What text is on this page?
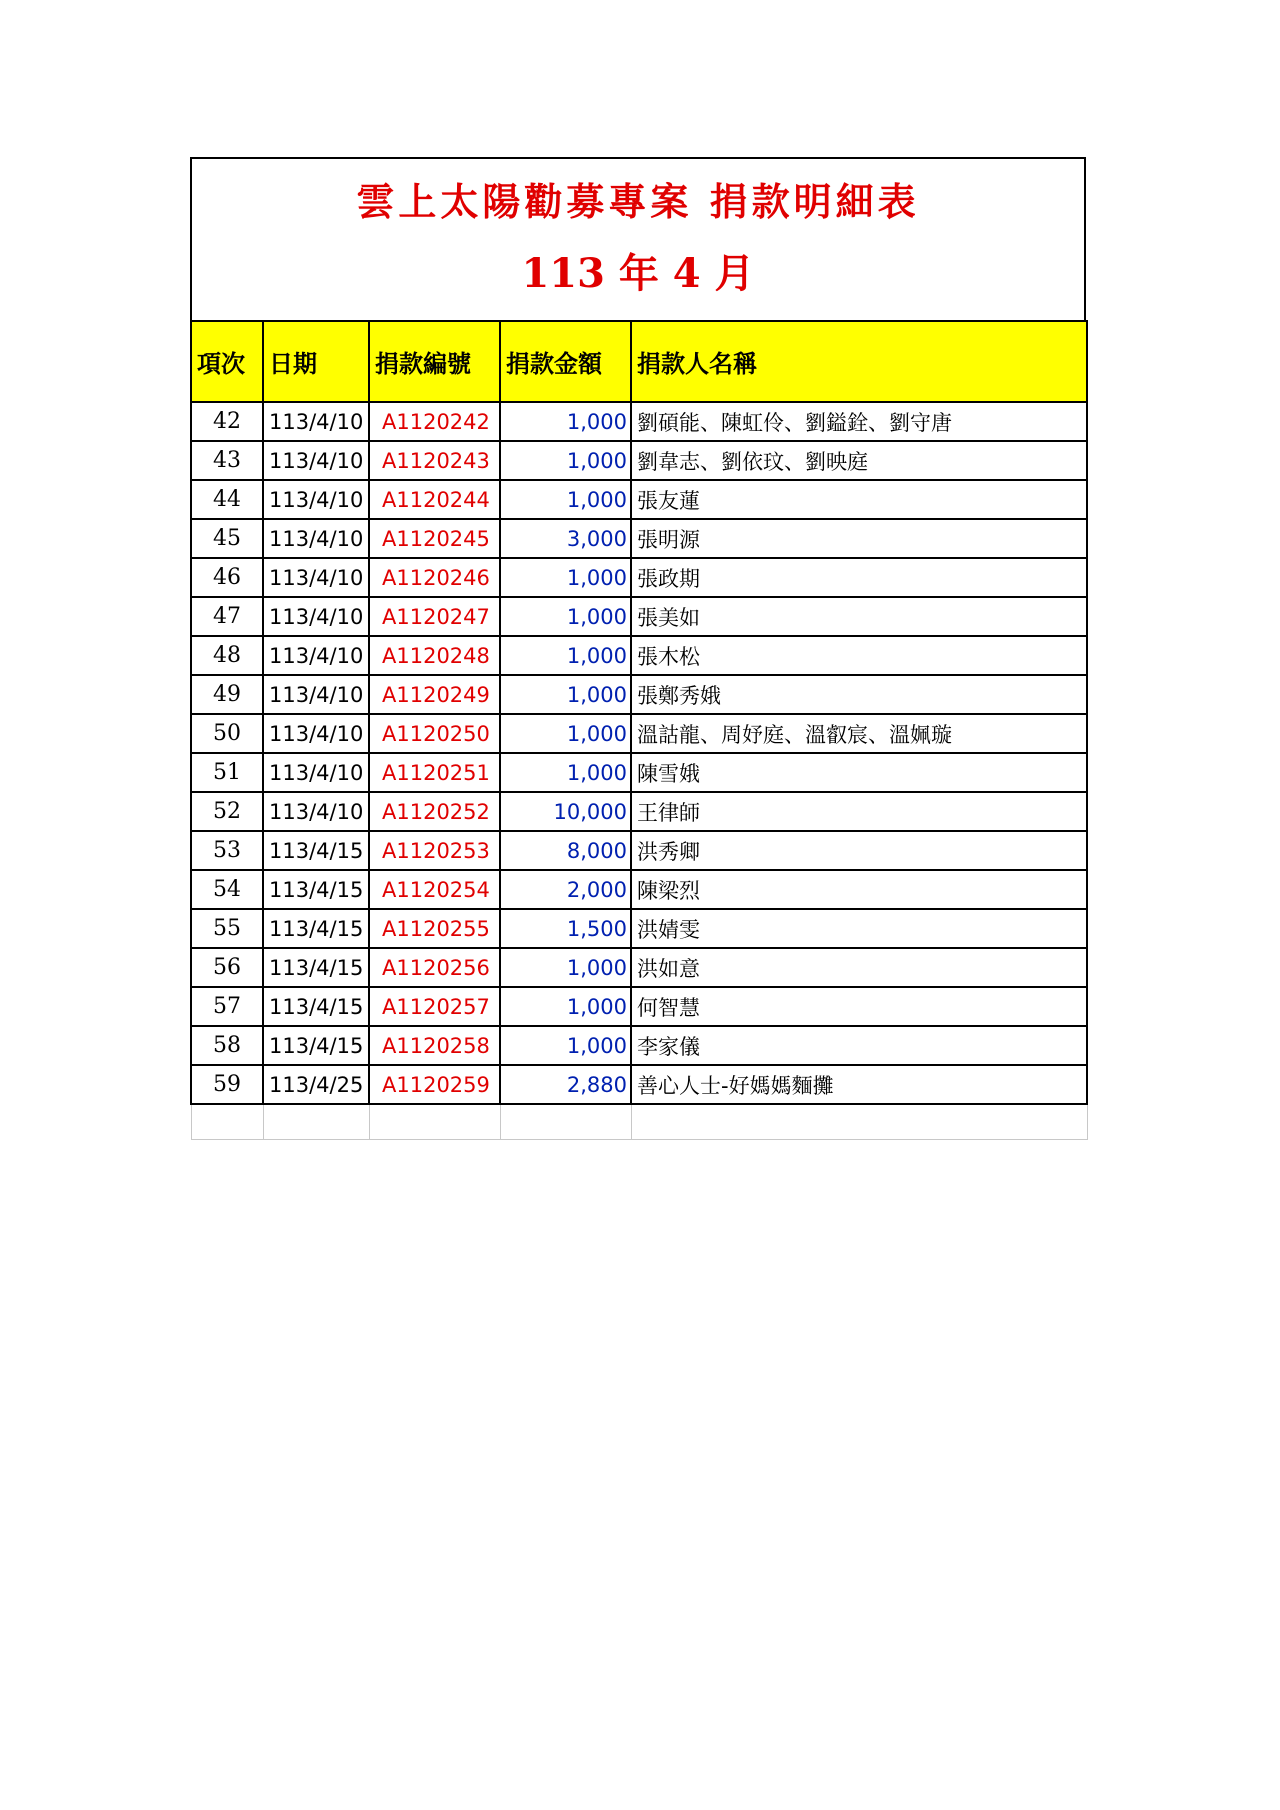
雲上太陽勸募專案 捐款明細表
113 年 4 月
項次	日期	捐款編號	捐款金額	捐款人名稱
42	113/4/10	A1120242	1,000	劉碩能、陳虹伶、劉鎰銓、劉守唐
43	113/4/10	A1120243	1,000	劉韋志、劉依玟、劉映庭
44	113/4/10	A1120244	1,000	張友蓮
45	113/4/10	A1120245	3,000	張明源
46	113/4/10	A1120246	1,000	張政期
47	113/4/10	A1120247	1,000	張美如
48	113/4/10	A1120248	1,000	張木松
49	113/4/10	A1120249	1,000	張鄭秀娥
50	113/4/10	A1120250	1,000	溫詁龍、周妤庭、溫叡宸、溫姵璇
51	113/4/10	A1120251	1,000	陳雪娥
52	113/4/10	A1120252	10,000	王律師
53	113/4/15	A1120253	8,000	洪秀卿
54	113/4/15	A1120254	2,000	陳梁烈
55	113/4/15	A1120255	1,500	洪婧雯
56	113/4/15	A1120256	1,000	洪如意
57	113/4/15	A1120257	1,000	何智慧
58	113/4/15	A1120258	1,000	李家儀
59	113/4/25	A1120259	2,880	善心人士-好媽媽麵攤
